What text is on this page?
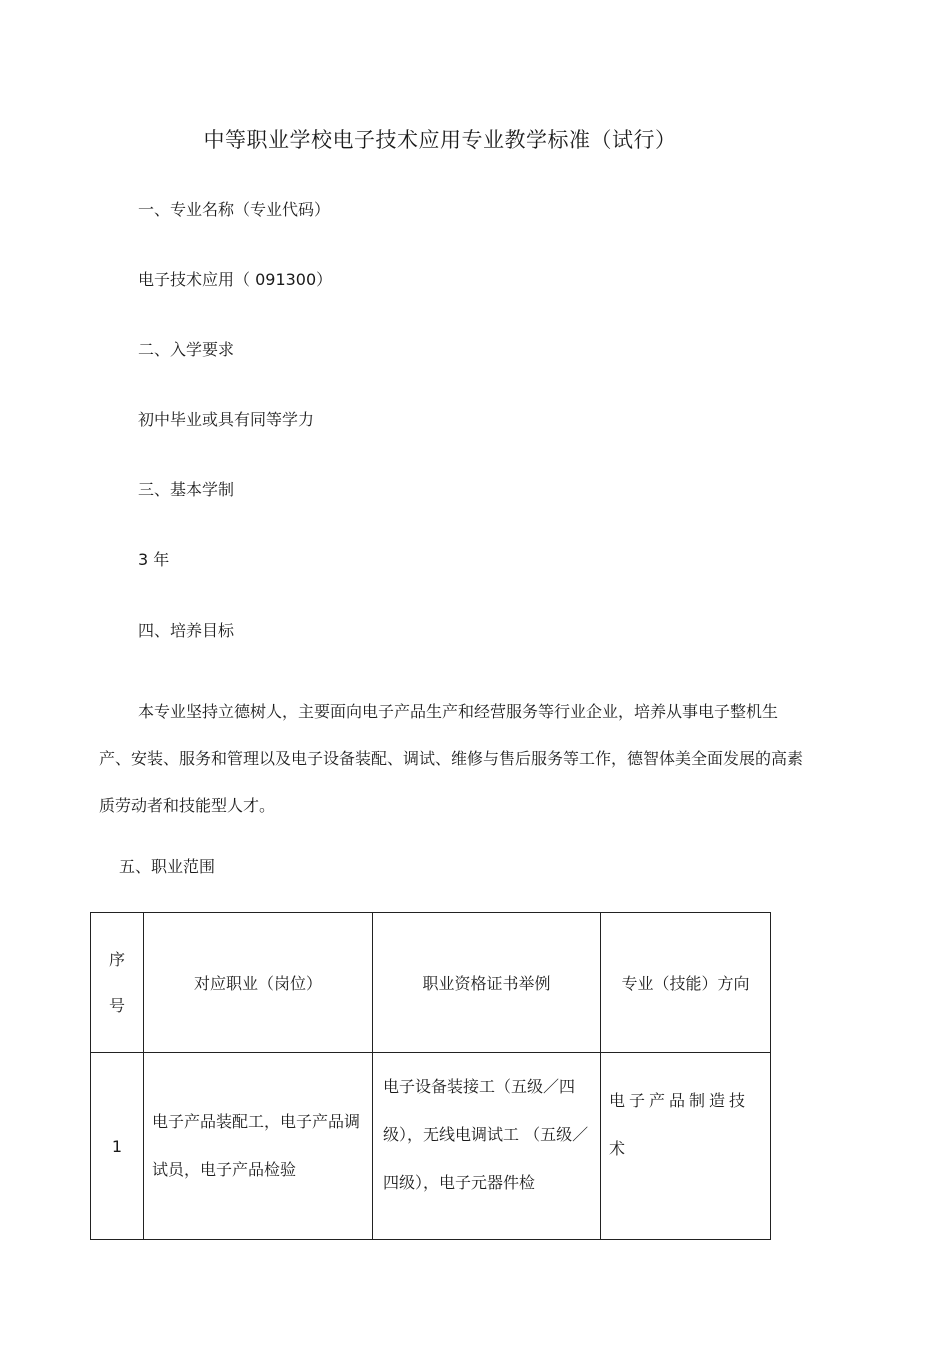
中等职业学校电子技术应用专业教学标准（试行）
一、专业名称（专业代码）
电子技术应用（ 091300）
二、入学要求
初中毕业或具有同等学力
三、基本学制
3 年
四、培养目标
本专业坚持立德树人，主要面向电子产品生产和经营服务等行业企业，培养从事电子整机生产、安装、服务和管理以及电子设备装配、调试、维修与售后服务等工作，德智体美全面发展的高素质劳动者和技能型人才。
五、职业范围
序号	对应职业（岗位）	职业资格证书举例	专业（技能）方向
1	电子产品装配工，电子产品调试员，电子产品检验	电子设备装接工（五级／四级），无线电调试工 （五级／四级），电子元器件检	电子产品制造技术
